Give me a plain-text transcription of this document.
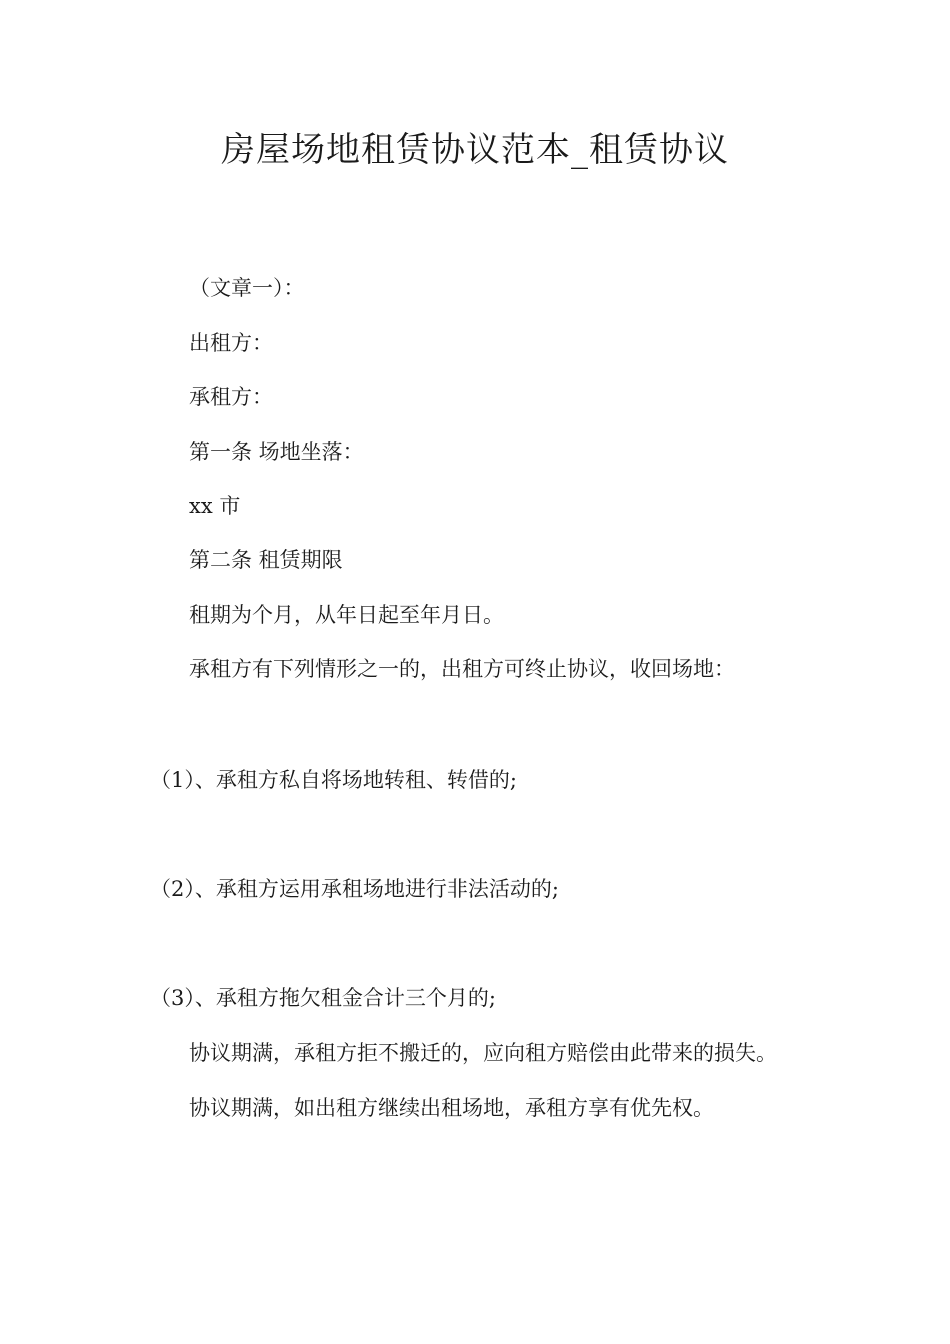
房屋场地租赁协议范本_租赁协议
（文章一）：
出租方：
承租方：
第一条 场地坐落：
xx 市
第二条 租赁期限
租期为个月，从年日起至年月日。
承租方有下列情形之一的，出租方可终止协议，收回场地：
（1）、承租方私自将场地转租、转借的;
（2）、承租方运用承租场地进行非法活动的;
（3）、承租方拖欠租金合计三个月的;
协议期满，承租方拒不搬迁的，应向租方赔偿由此带来的损失。
协议期满，如出租方继续出租场地，承租方享有优先权。
